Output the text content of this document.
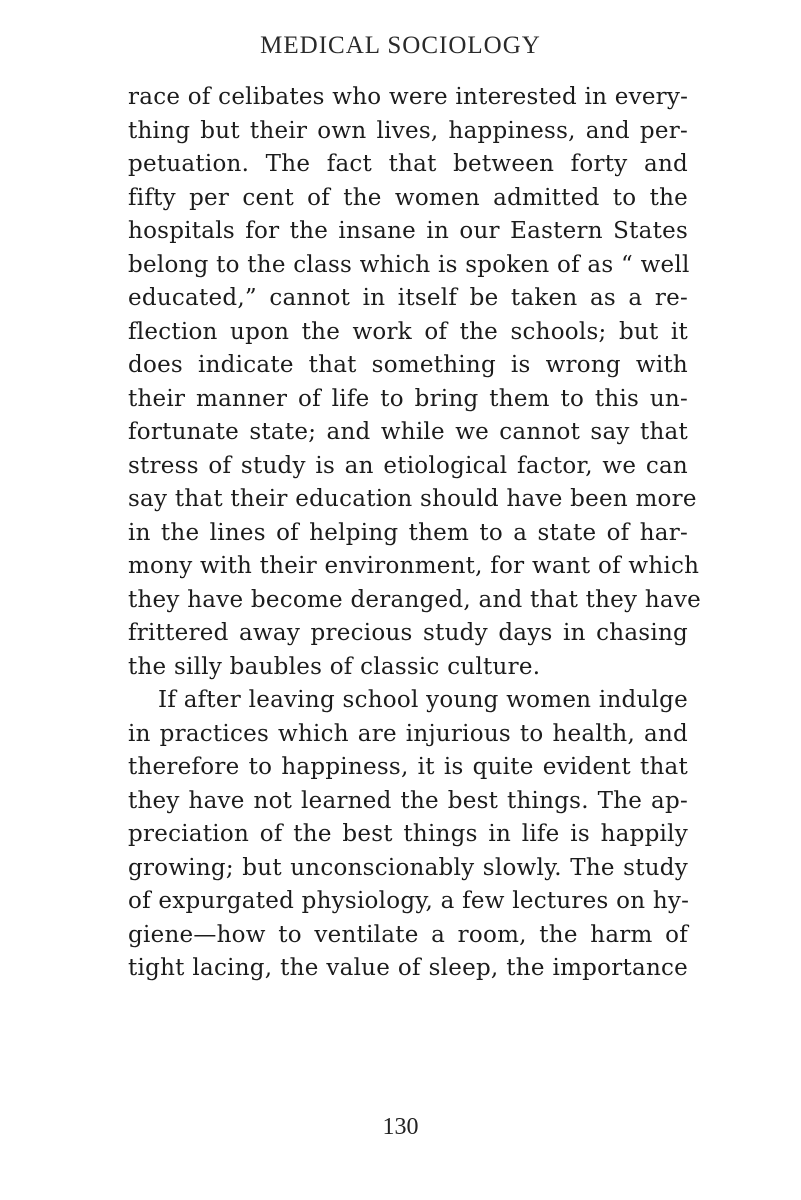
MEDICAL SOCIOLOGY
race of celibates who were interested in every-
thing but their own lives, happiness, and per-
petuation. The fact that between forty and
fifty per cent of the women admitted to the
hospitals for the insane in our Eastern States
belong to the class which is spoken of as “ well
educated,” cannot in itself be taken as a re-
flection upon the work of the schools; but it
does indicate that something is wrong with
their manner of life to bring them to this un-
fortunate state; and while we cannot say that
stress of study is an etiological factor, we can
say that their education should have been more
in the lines of helping them to a state of har-
mony with their environment, for want of which
they have become deranged, and that they have
frittered away precious study days in chasing
the silly baubles of classic culture.
If after leaving school young women indulge
in practices which are injurious to health, and
therefore to happiness, it is quite evident that
they have not learned the best things. The ap-
preciation of the best things in life is happily
growing; but unconscionably slowly. The study
of expurgated physiology, a few lectures on hy-
giene—how to ventilate a room, the harm of
tight lacing, the value of sleep, the importance
130
